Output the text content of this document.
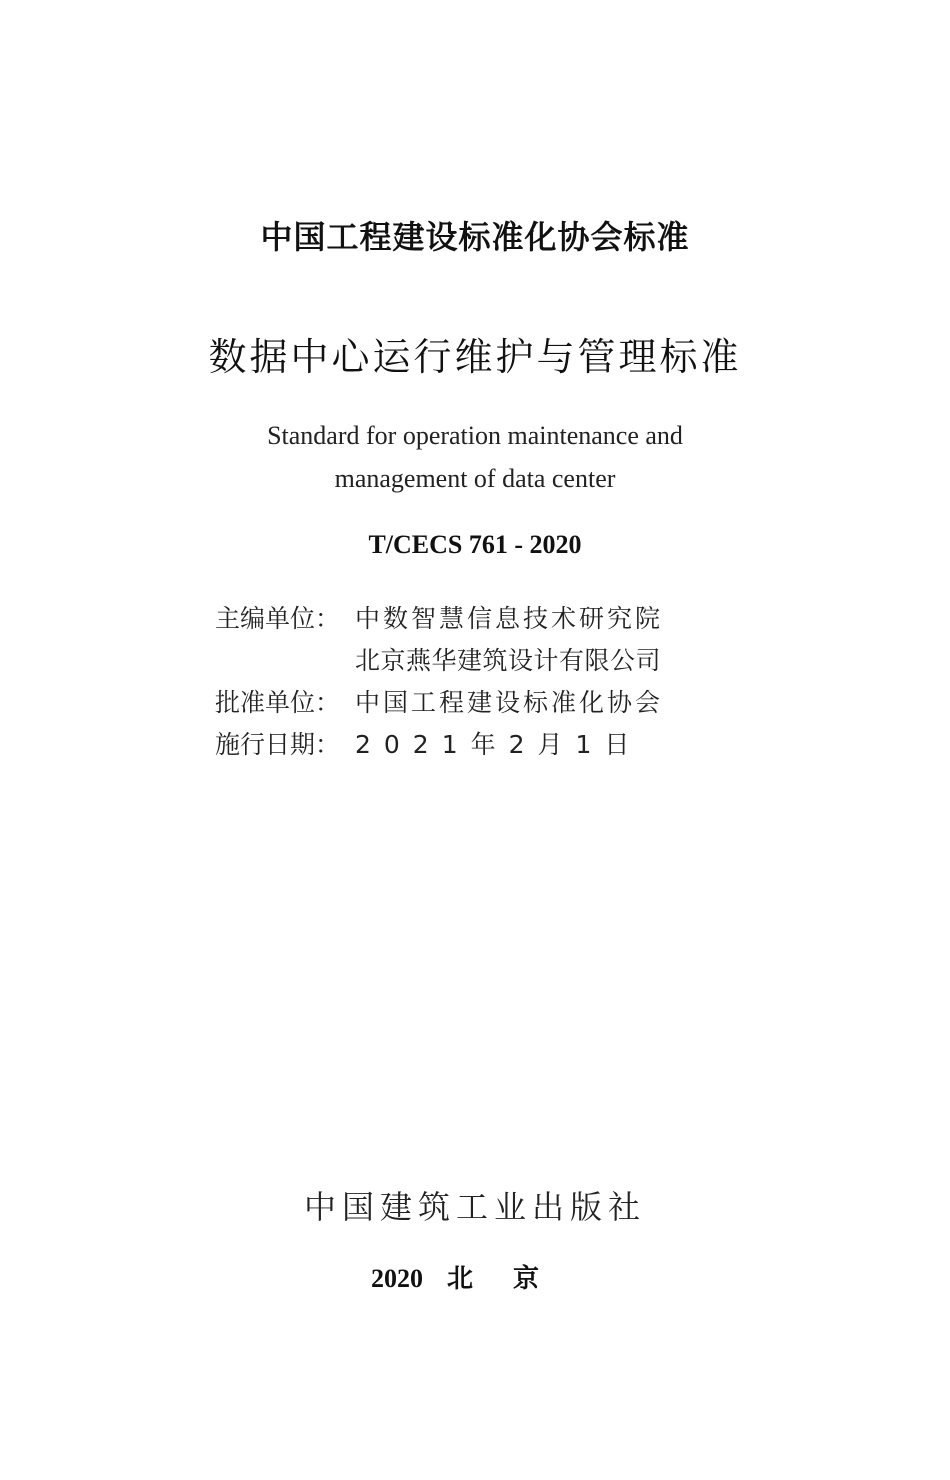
中国工程建设标准化协会标准
数据中心运行维护与管理标准
Standard for operation maintenance and
management of data center
T/CECS 761 - 2020
主编单位： 中数智慧信息技术研究院
北京燕华建筑设计有限公司
批准单位： 中国工程建设标准化协会
施行日期： 2021年2月1日
中国建筑工业出版社
2020 北京
